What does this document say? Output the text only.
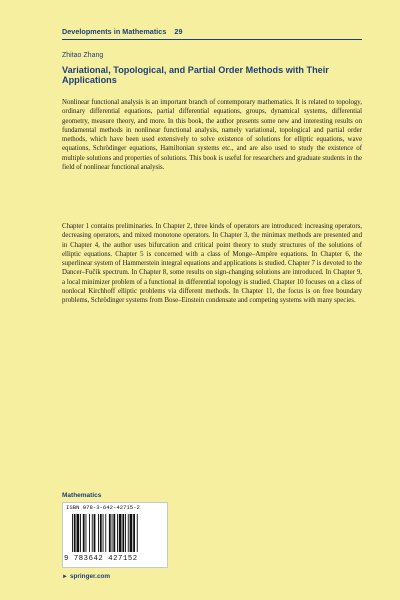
Developments in Mathematics 29
Zhitao Zhang
Variational, Topological, and Partial Order Methods with Their Applications

Nonlinear functional analysis is an important branch of contemporary mathematics. It is related to topology, ordinary differential equations, partial differential equations, groups, dynamical systems, differential geometry, measure theory, and more. In this book, the author presents some new and interesting results on fundamental methods in nonlinear functional analysis, namely variational, topological and partial order methods, which have been used extensively to solve existence of solutions for elliptic equations, wave equations, Schrödinger equations, Hamiltonian systems etc., and are also used to study the existence of multiple solutions and properties of solutions. This book is useful for researchers and graduate students in the field of nonlinear functional analysis.

Chapter 1 contains preliminaries. In Chapter 2, three kinds of operators are introduced: increasing operators, decreasing operators, and mixed monotone operators. In Chapter 3, the minimax methods are presented and in Chapter 4, the author uses bifurcation and critical point theory to study structures of the solutions of elliptic equations. Chapter 5 is concerned with a class of Monge–Ampère equations. In Chapter 6, the superlinear system of Hammerstein integral equations and applications is studied. Chapter 7 is devoted to the Dancer–Fučík spectrum. In Chapter 8, some results on sign-changing solutions are introduced. In Chapter 9, a local minimizer problem of a functional in differential topology is studied. Chapter 10 focuses on a class of nonlocal Kirchhoff elliptic problems via different methods. In Chapter 11, the focus is on free boundary problems, Schrödinger systems from Bose–Einstein condensate and competing systems with many species.

Mathematics
ISBN 978-3-642-42715-2
9 783642 427152
► springer.com
